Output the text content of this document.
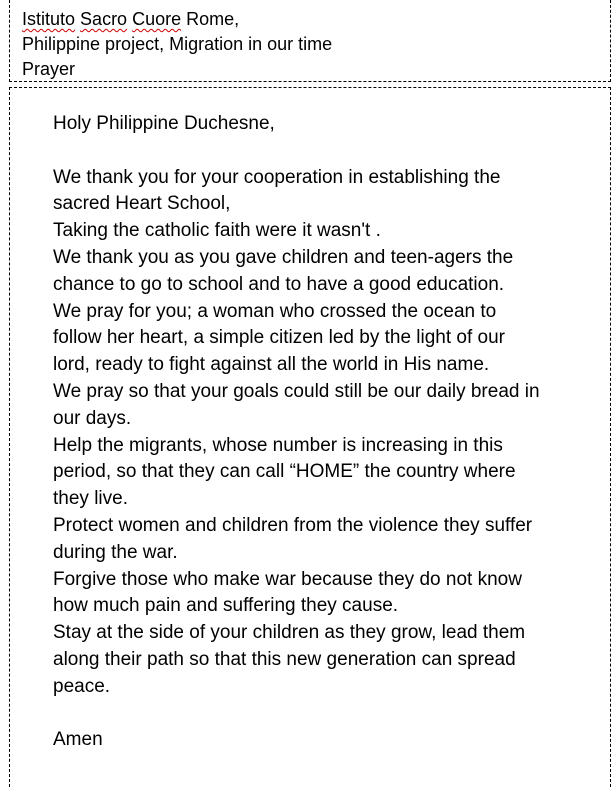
Istituto Sacro Cuore Rome,
Philippine project, Migration in our time
Prayer

Holy Philippine Duchesne,

We thank you for your cooperation in establishing the

sacred Heart School,

Taking the catholic faith were it wasn't .

We thank you as you gave children and teen-agers the

chance to go to school and to have a good education.

We pray for you; a woman who crossed the ocean to

follow her heart, a simple citizen led by the light of our

lord, ready to fight against all the world in His name.

We pray so that your goals could still be our daily bread in

our days.

Help the migrants, whose number is increasing in this

period, so that they can call “HOME” the country where

they live.

Protect women and children from the violence they suffer

during the war.

Forgive those who make war because they do not know

how much pain and suffering they cause.

Stay at the side of your children as they grow, lead them

along their path so that this new generation can spread

peace.

Amen
